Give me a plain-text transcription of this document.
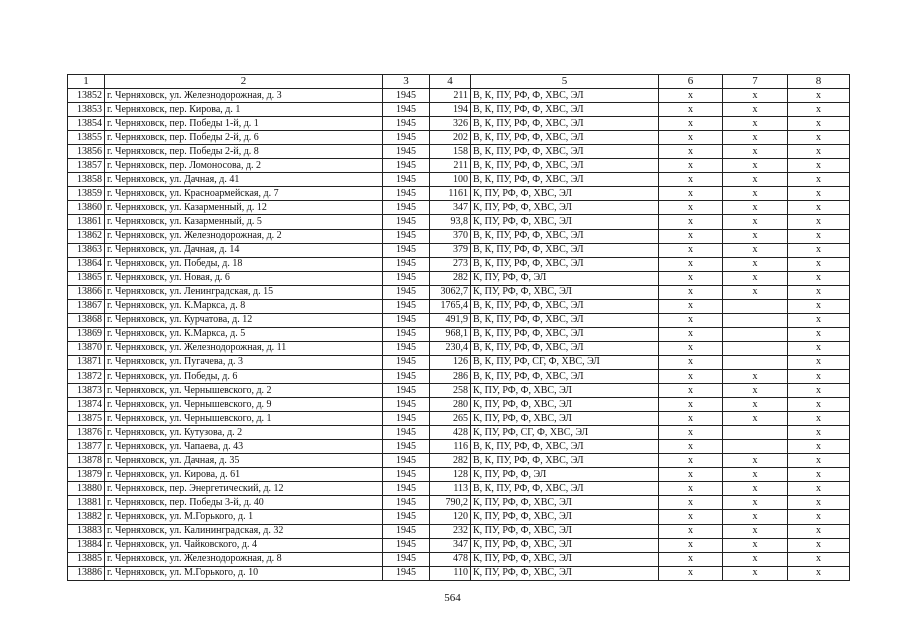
1	2	3	4	5	6	7	8
13852	г. Черняховск, ул. Железнодорожная, д. 3	1945	211	В, К, ПУ, РФ, Ф, ХВС, ЭЛ	х	х	х
13853	г. Черняховск, пер. Кирова, д. 1	1945	194	В, К, ПУ, РФ, Ф, ХВС, ЭЛ	х	х	х
13854	г. Черняховск, пер. Победы 1-й, д. 1	1945	326	В, К, ПУ, РФ, Ф, ХВС, ЭЛ	х	х	х
13855	г. Черняховск, пер. Победы 2-й, д. 6	1945	202	В, К, ПУ, РФ, Ф, ХВС, ЭЛ	х	х	х
13856	г. Черняховск, пер. Победы 2-й, д. 8	1945	158	В, К, ПУ, РФ, Ф, ХВС, ЭЛ	х	х	х
13857	г. Черняховск, пер. Ломоносова, д. 2	1945	211	В, К, ПУ, РФ, Ф, ХВС, ЭЛ	х	х	х
13858	г. Черняховск, ул. Дачная, д. 41	1945	100	В, К, ПУ, РФ, Ф, ХВС, ЭЛ	х	х	х
13859	г. Черняховск, ул. Красноармейская, д. 7	1945	1161	К, ПУ, РФ, Ф, ХВС, ЭЛ	х	х	х
13860	г. Черняховск, ул. Казарменный, д. 12	1945	347	К, ПУ, РФ, Ф, ХВС, ЭЛ	х	х	х
13861	г. Черняховск, ул. Казарменный, д. 5	1945	93,8	К, ПУ, РФ, Ф, ХВС, ЭЛ	х	х	х
13862	г. Черняховск, ул. Железнодорожная, д. 2	1945	370	В, К, ПУ, РФ, Ф, ХВС, ЭЛ	х	х	х
13863	г. Черняховск, ул. Дачная, д. 14	1945	379	В, К, ПУ, РФ, Ф, ХВС, ЭЛ	х	х	х
13864	г. Черняховск, ул. Победы, д. 18	1945	273	В, К, ПУ, РФ, Ф, ХВС, ЭЛ	х	х	х
13865	г. Черняховск, ул. Новая, д. 6	1945	282	К, ПУ, РФ, Ф, ЭЛ	х	х	х
13866	г. Черняховск, ул. Ленинградская, д. 15	1945	3062,7	К, ПУ, РФ, Ф, ХВС, ЭЛ	х	х	х
13867	г. Черняховск, ул. К.Маркса, д. 8	1945	1765,4	В, К, ПУ, РФ, Ф, ХВС, ЭЛ	х		х
13868	г. Черняховск, ул. Курчатова, д. 12	1945	491,9	В, К, ПУ, РФ, Ф, ХВС, ЭЛ	х		х
13869	г. Черняховск, ул. К.Маркса, д. 5	1945	968,1	В, К, ПУ, РФ, Ф, ХВС, ЭЛ	х		х
13870	г. Черняховск, ул. Железнодорожная, д. 11	1945	230,4	В, К, ПУ, РФ, Ф, ХВС, ЭЛ	х		х
13871	г. Черняховск, ул. Пугачева, д. 3	1945	126	В, К, ПУ, РФ, СГ, Ф, ХВС, ЭЛ	х		х
13872	г. Черняховск, ул. Победы, д. 6	1945	286	В, К, ПУ, РФ, Ф, ХВС, ЭЛ	х	х	х
13873	г. Черняховск, ул. Чернышевского, д. 2	1945	258	К, ПУ, РФ, Ф, ХВС, ЭЛ	х	х	х
13874	г. Черняховск, ул. Чернышевского, д. 9	1945	280	К, ПУ, РФ, Ф, ХВС, ЭЛ	х	х	х
13875	г. Черняховск, ул. Чернышевского, д. 1	1945	265	К, ПУ, РФ, Ф, ХВС, ЭЛ	х	х	х
13876	г. Черняховск, ул. Кутузова, д. 2	1945	428	К, ПУ, РФ, СГ, Ф, ХВС, ЭЛ	х		х
13877	г. Черняховск, ул. Чапаева, д. 43	1945	116	В, К, ПУ, РФ, Ф, ХВС, ЭЛ	х		х
13878	г. Черняховск, ул. Дачная, д. 35	1945	282	В, К, ПУ, РФ, Ф, ХВС, ЭЛ	х	х	х
13879	г. Черняховск, ул. Кирова, д. 61	1945	128	К, ПУ, РФ, Ф, ЭЛ	х	х	х
13880	г. Черняховск, пер. Энергетический, д. 12	1945	113	В, К, ПУ, РФ, Ф, ХВС, ЭЛ	х	х	х
13881	г. Черняховск, пер. Победы 3-й, д. 40	1945	790,2	К, ПУ, РФ, Ф, ХВС, ЭЛ	х	х	х
13882	г. Черняховск, ул. М.Горького, д. 1	1945	120	К, ПУ, РФ, Ф, ХВС, ЭЛ	х	х	х
13883	г. Черняховск, ул. Калининградская, д. 32	1945	232	К, ПУ, РФ, Ф, ХВС, ЭЛ	х	х	х
13884	г. Черняховск, ул. Чайковского, д. 4	1945	347	К, ПУ, РФ, Ф, ХВС, ЭЛ	х	х	х
13885	г. Черняховск, ул. Железнодорожная, д. 8	1945	478	К, ПУ, РФ, Ф, ХВС, ЭЛ	х	х	х
13886	г. Черняховск, ул. М.Горького, д. 10	1945	110	К, ПУ, РФ, Ф, ХВС, ЭЛ	х	х	х
564
